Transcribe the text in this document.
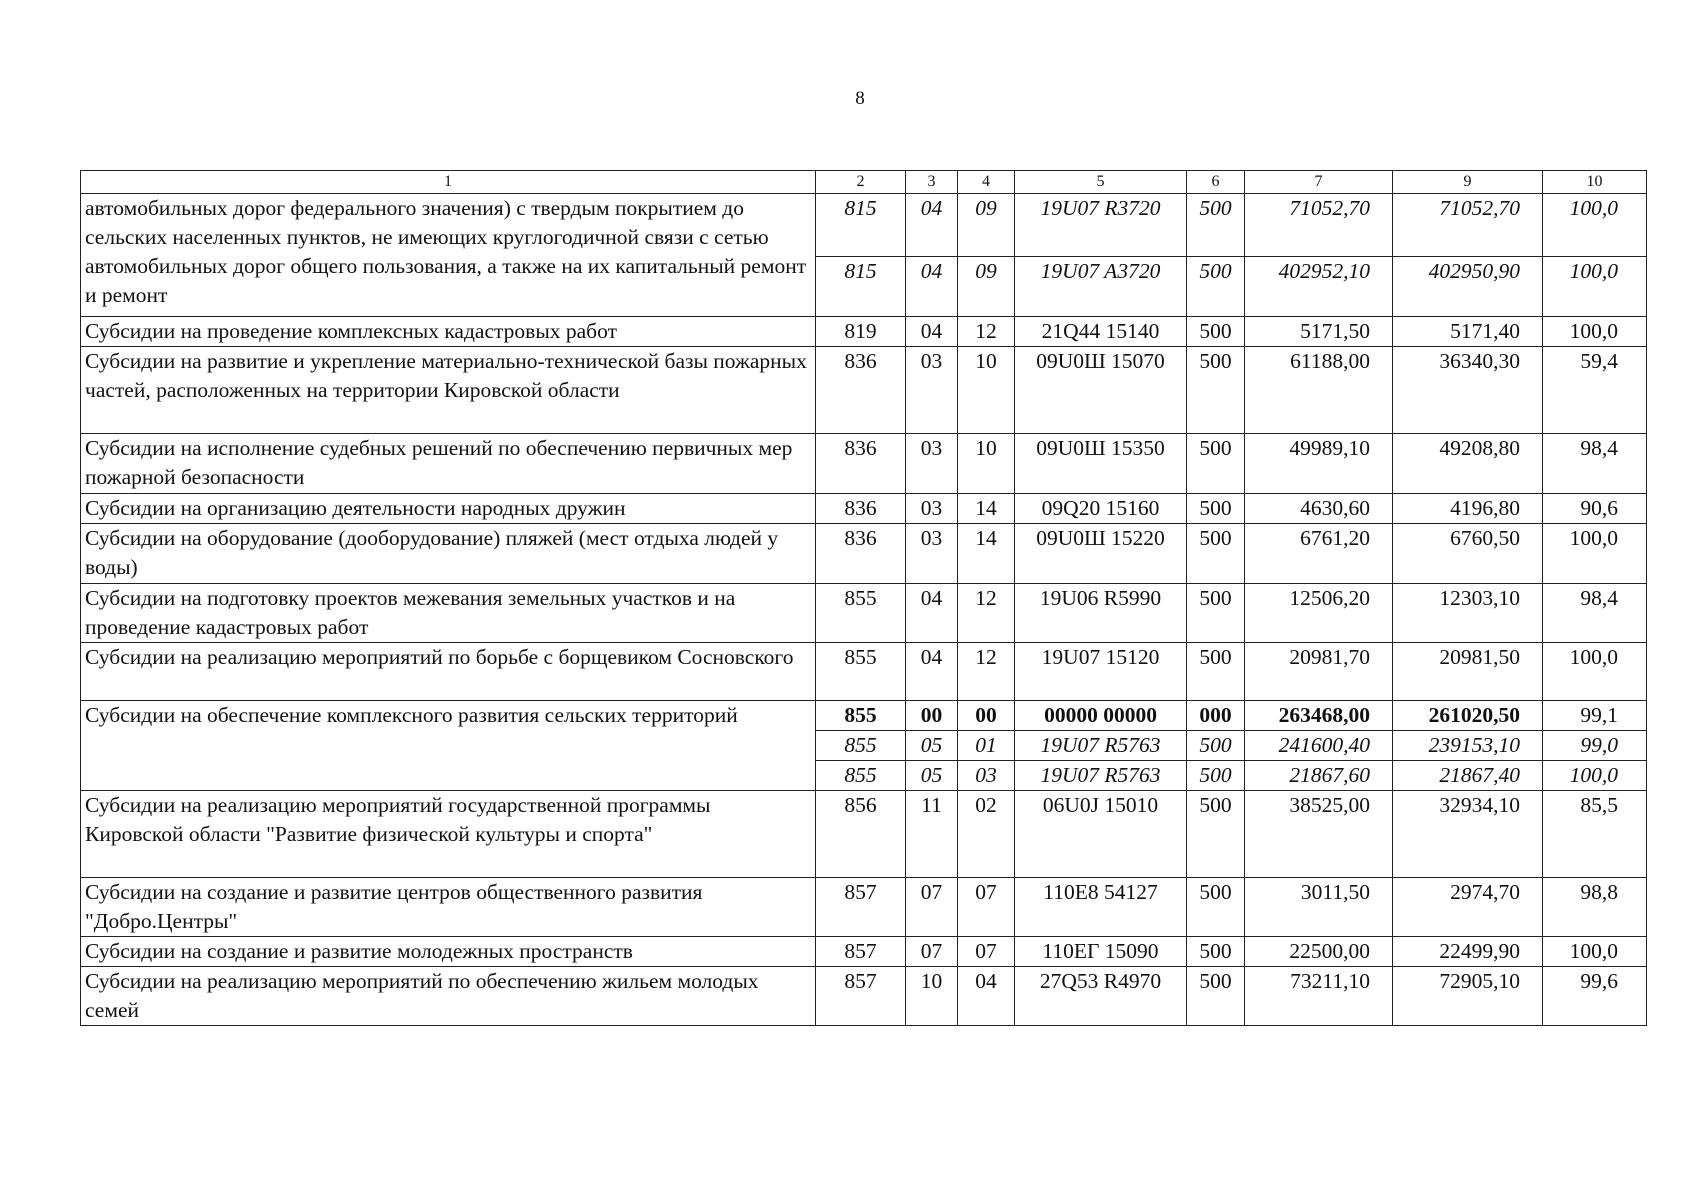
8
1	2	3	4	5	6	7	9	10
автомобильных дорог федерального значения) с твердым покрытием до сельских населенных пунктов, не имеющих круглогодичной связи с сетью автомобильных дорог общего пользования, а также на их капитальный ремонт и ремонт	815	04	09	19U07 R3720	500	71052,70	71052,70	100,0
	815	04	09	19U07 A3720	500	402952,10	402950,90	100,0
Субсидии на проведение комплексных кадастровых работ	819	04	12	21Q44 15140	500	5171,50	5171,40	100,0
Субсидии на развитие и укрепление материально-технической базы пожарных частей, расположенных на территории Кировской области	836	03	10	09U0Ш 15070	500	61188,00	36340,30	59,4
Субсидии на исполнение судебных решений по обеспечению первичных мер пожарной безопасности	836	03	10	09U0Ш 15350	500	49989,10	49208,80	98,4
Субсидии на организацию деятельности народных дружин	836	03	14	09Q20 15160	500	4630,60	4196,80	90,6
Субсидии на оборудование (дооборудование) пляжей (мест отдыха людей у воды)	836	03	14	09U0Ш 15220	500	6761,20	6760,50	100,0
Субсидии на подготовку проектов межевания земельных участков и на проведение кадастровых работ	855	04	12	19U06 R5990	500	12506,20	12303,10	98,4
Субсидии на реализацию мероприятий по борьбе с борщевиком Сосновского	855	04	12	19U07 15120	500	20981,70	20981,50	100,0
Субсидии на обеспечение комплексного развития сельских территорий	855	00	00	00000 00000	000	263468,00	261020,50	99,1
	855	05	01	19U07 R5763	500	241600,40	239153,10	99,0
	855	05	03	19U07 R5763	500	21867,60	21867,40	100,0
Субсидии на реализацию мероприятий государственной программы Кировской области "Развитие физической культуры и спорта"	856	11	02	06U0J 15010	500	38525,00	32934,10	85,5
Субсидии на создание и развитие центров общественного развития "Добро.Центры"	857	07	07	110E8 54127	500	3011,50	2974,70	98,8
Субсидии на создание и развитие молодежных пространств	857	07	07	110ЕГ 15090	500	22500,00	22499,90	100,0
Субсидии на реализацию мероприятий по обеспечению жильем молодых семей	857	10	04	27Q53 R4970	500	73211,10	72905,10	99,6
